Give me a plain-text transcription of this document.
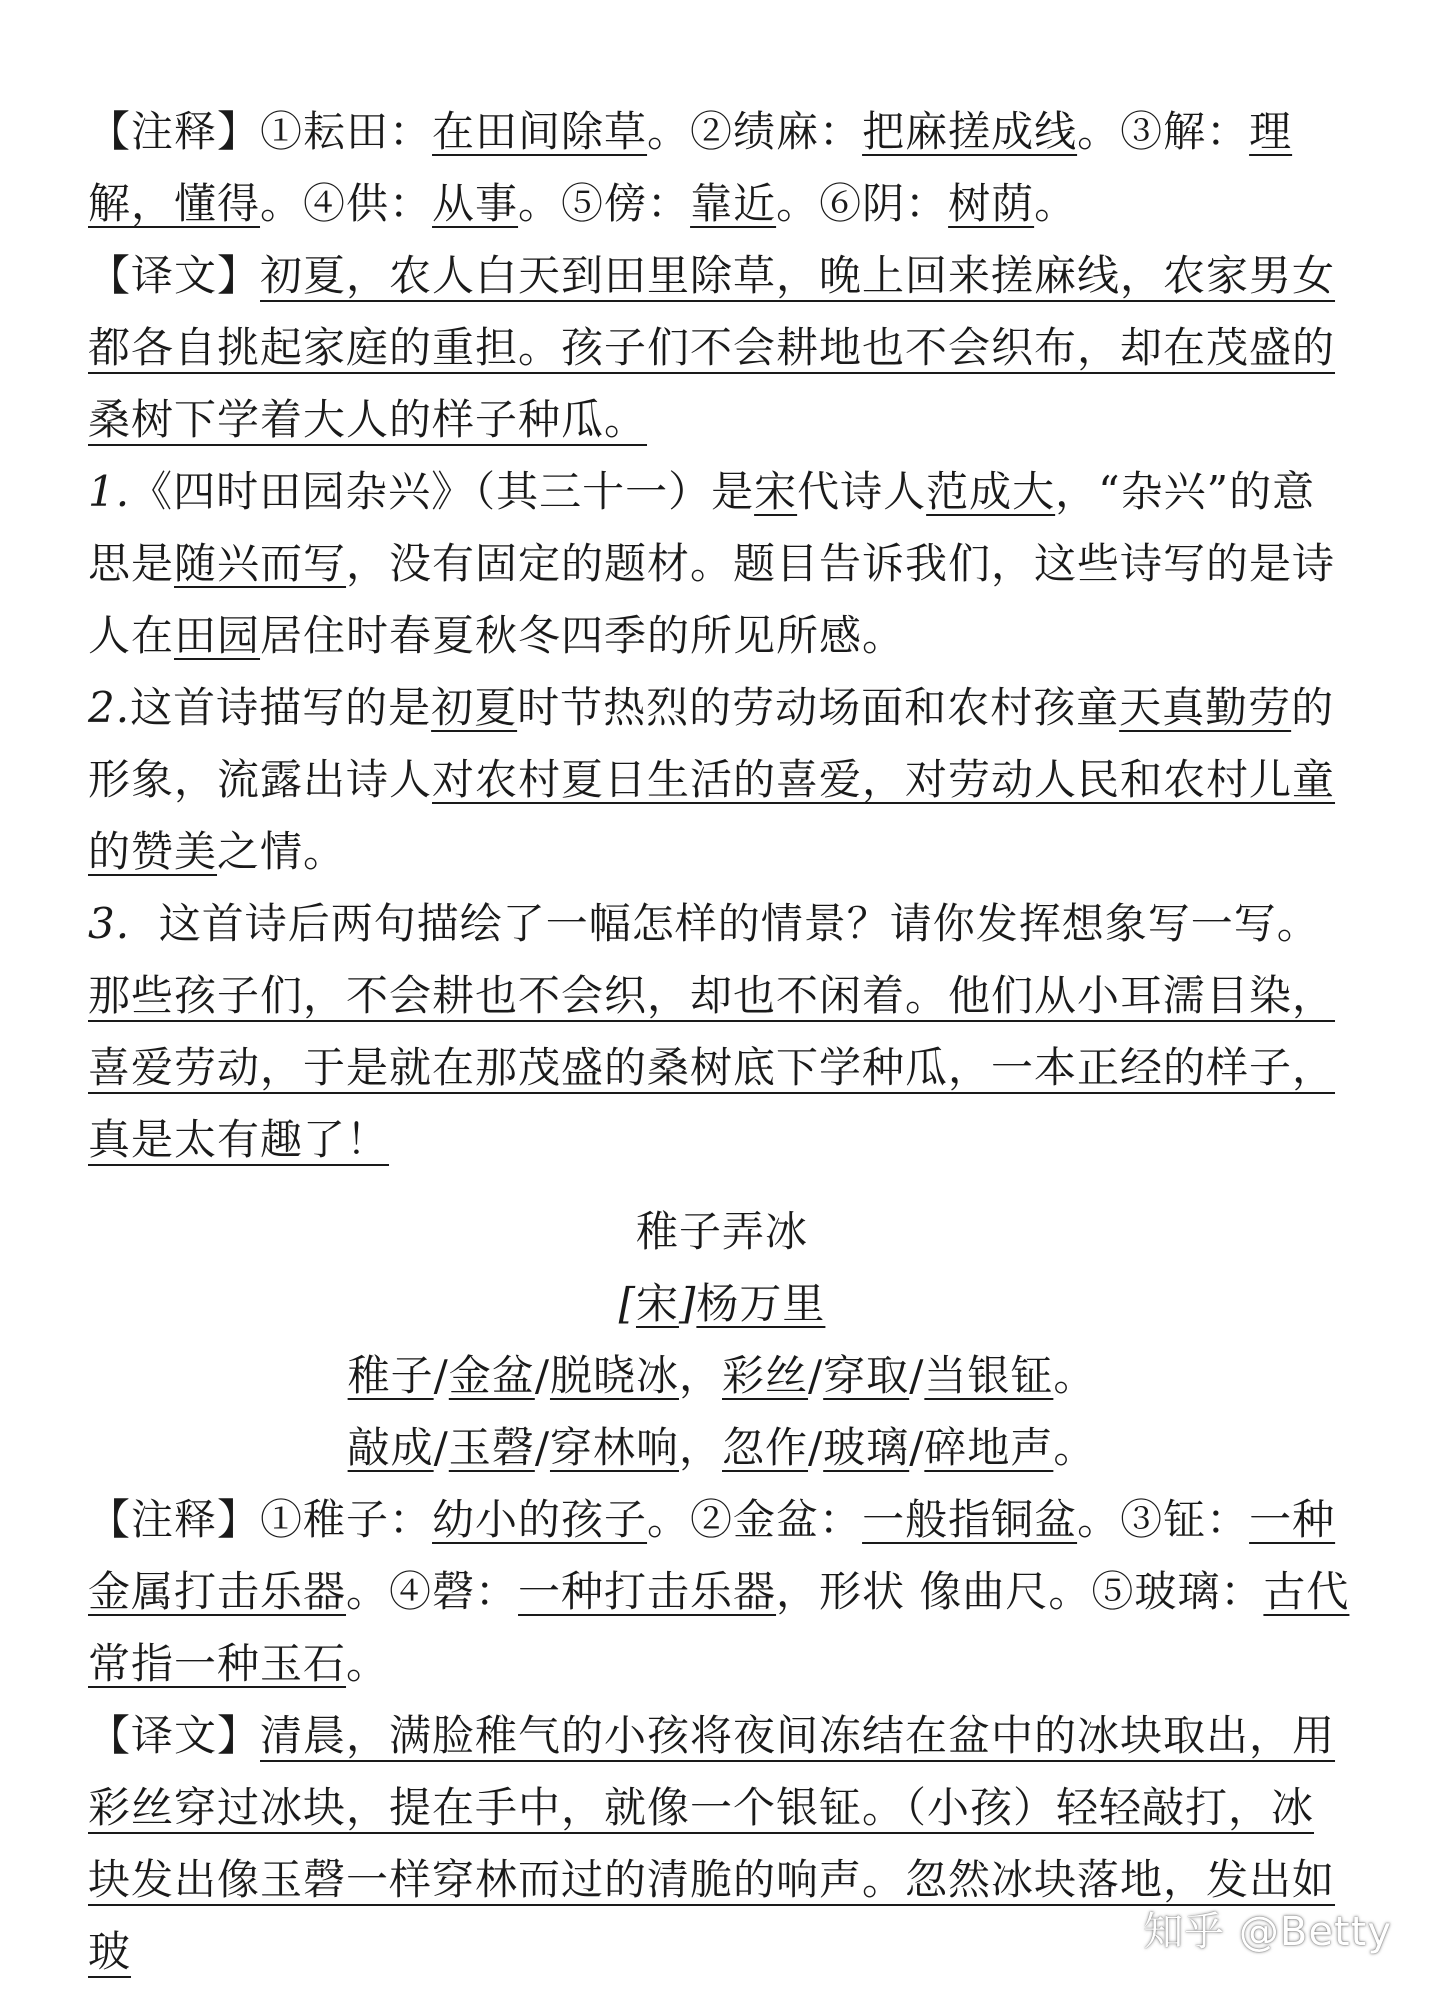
【注释】①耘田：在田间除草。②绩麻：把麻搓成线。③解：理解，懂得。④供：从事。⑤傍：靠近。⑥阴：树荫。

【译文】初夏，农人白天到田里除草，晚上回来搓麻线，农家男女都各自挑起家庭的重担。孩子们不会耕地也不会织布，却在茂盛的桑树下学着大人的样子种瓜。

1.《四时田园杂兴》（其三十一）是宋代诗人范成大，“杂兴”的意思是随兴而写，没有固定的题材。题目告诉我们，这些诗写的是诗人在田园居住时春夏秋冬四季的所见所感。

2.这首诗描写的是初夏时节热烈的劳动场面和农村孩童天真勤劳的形象，流露出诗人对农村夏日生活的喜爱，对劳动人民和农村儿童的赞美之情。

3. 这首诗后两句描绘了一幅怎样的情景？请你发挥想象写一写。

那些孩子们，不会耕也不会织，却也不闲着。他们从小耳濡目染，喜爱劳动，于是就在那茂盛的桑树底下学种瓜，一本正经的样子，真是太有趣了！

稚子弄冰

[宋]杨万里

稚子/金盆/脱晓冰，彩丝/穿取/当银钲。

敲成/玉磬/穿林响，忽作/玻璃/碎地声。

【注释】①稚子：幼小的孩子。②金盆：一般指铜盆。③钲：一种金属打击乐器。④磬：一种打击乐器，形状 像曲尺。⑤玻璃：古代常指一种玉石。

【译文】清晨，满脸稚气的小孩将夜间冻结在盆中的冰块取出，用彩丝穿过冰块，提在手中，就像一个银钲。（小孩）轻轻敲打，冰块发出像玉磬一样穿林而过的清脆的响声。忽然冰块落地，发出如玻	知乎 @Betty
